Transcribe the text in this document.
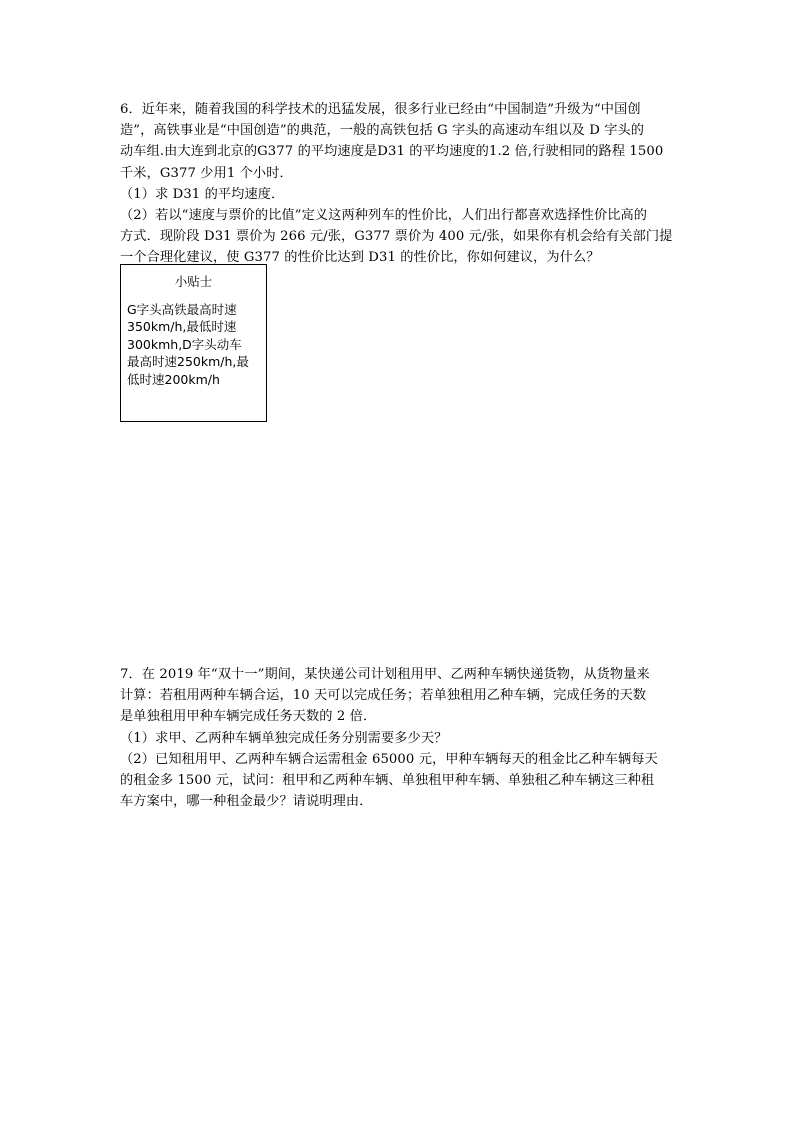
6．近年来，随着我国的科学技术的迅猛发展，很多行业已经由“中国制造”升级为“中国创

造”，高铁事业是“中国创造”的典范，一般的高铁包括 G 字头的高速动车组以及 D 字头的

动车组.由大连到北京的G377 的平均速度是D31 的平均速度的1.2 倍,行驶相同的路程 1500

千米，G377 少用1 个小时．

（1）求 D31 的平均速度．

（2）若以“速度与票价的比值”定义这两种列车的性价比，人们出行都喜欢选择性价比高的

方式．现阶段 D31 票价为 266 元/张，G377 票价为 400 元/张，如果你有机会给有关部门提

一个合理化建议，使 G377 的性价比达到 D31 的性价比，你如何建议，为什么？

小贴士
G字头高铁最高时速
350km/h,最低时速
300kmh,D字头动车
最高时速250km/h,最
低时速200km/h

7．在 2019 年“双十一”期间，某快递公司计划租用甲、乙两种车辆快递货物，从货物量来

计算：若租用两种车辆合运，10 天可以完成任务；若单独租用乙种车辆，完成任务的天数

是单独租用甲种车辆完成任务天数的 2 倍．

（1）求甲、乙两种车辆单独完成任务分别需要多少天？

（2）已知租用甲、乙两种车辆合运需租金 65000 元，甲种车辆每天的租金比乙种车辆每天

的租金多 1500 元，试问：租甲和乙两种车辆、单独租甲种车辆、单独租乙种车辆这三种租

车方案中，哪一种租金最少？请说明理由．
